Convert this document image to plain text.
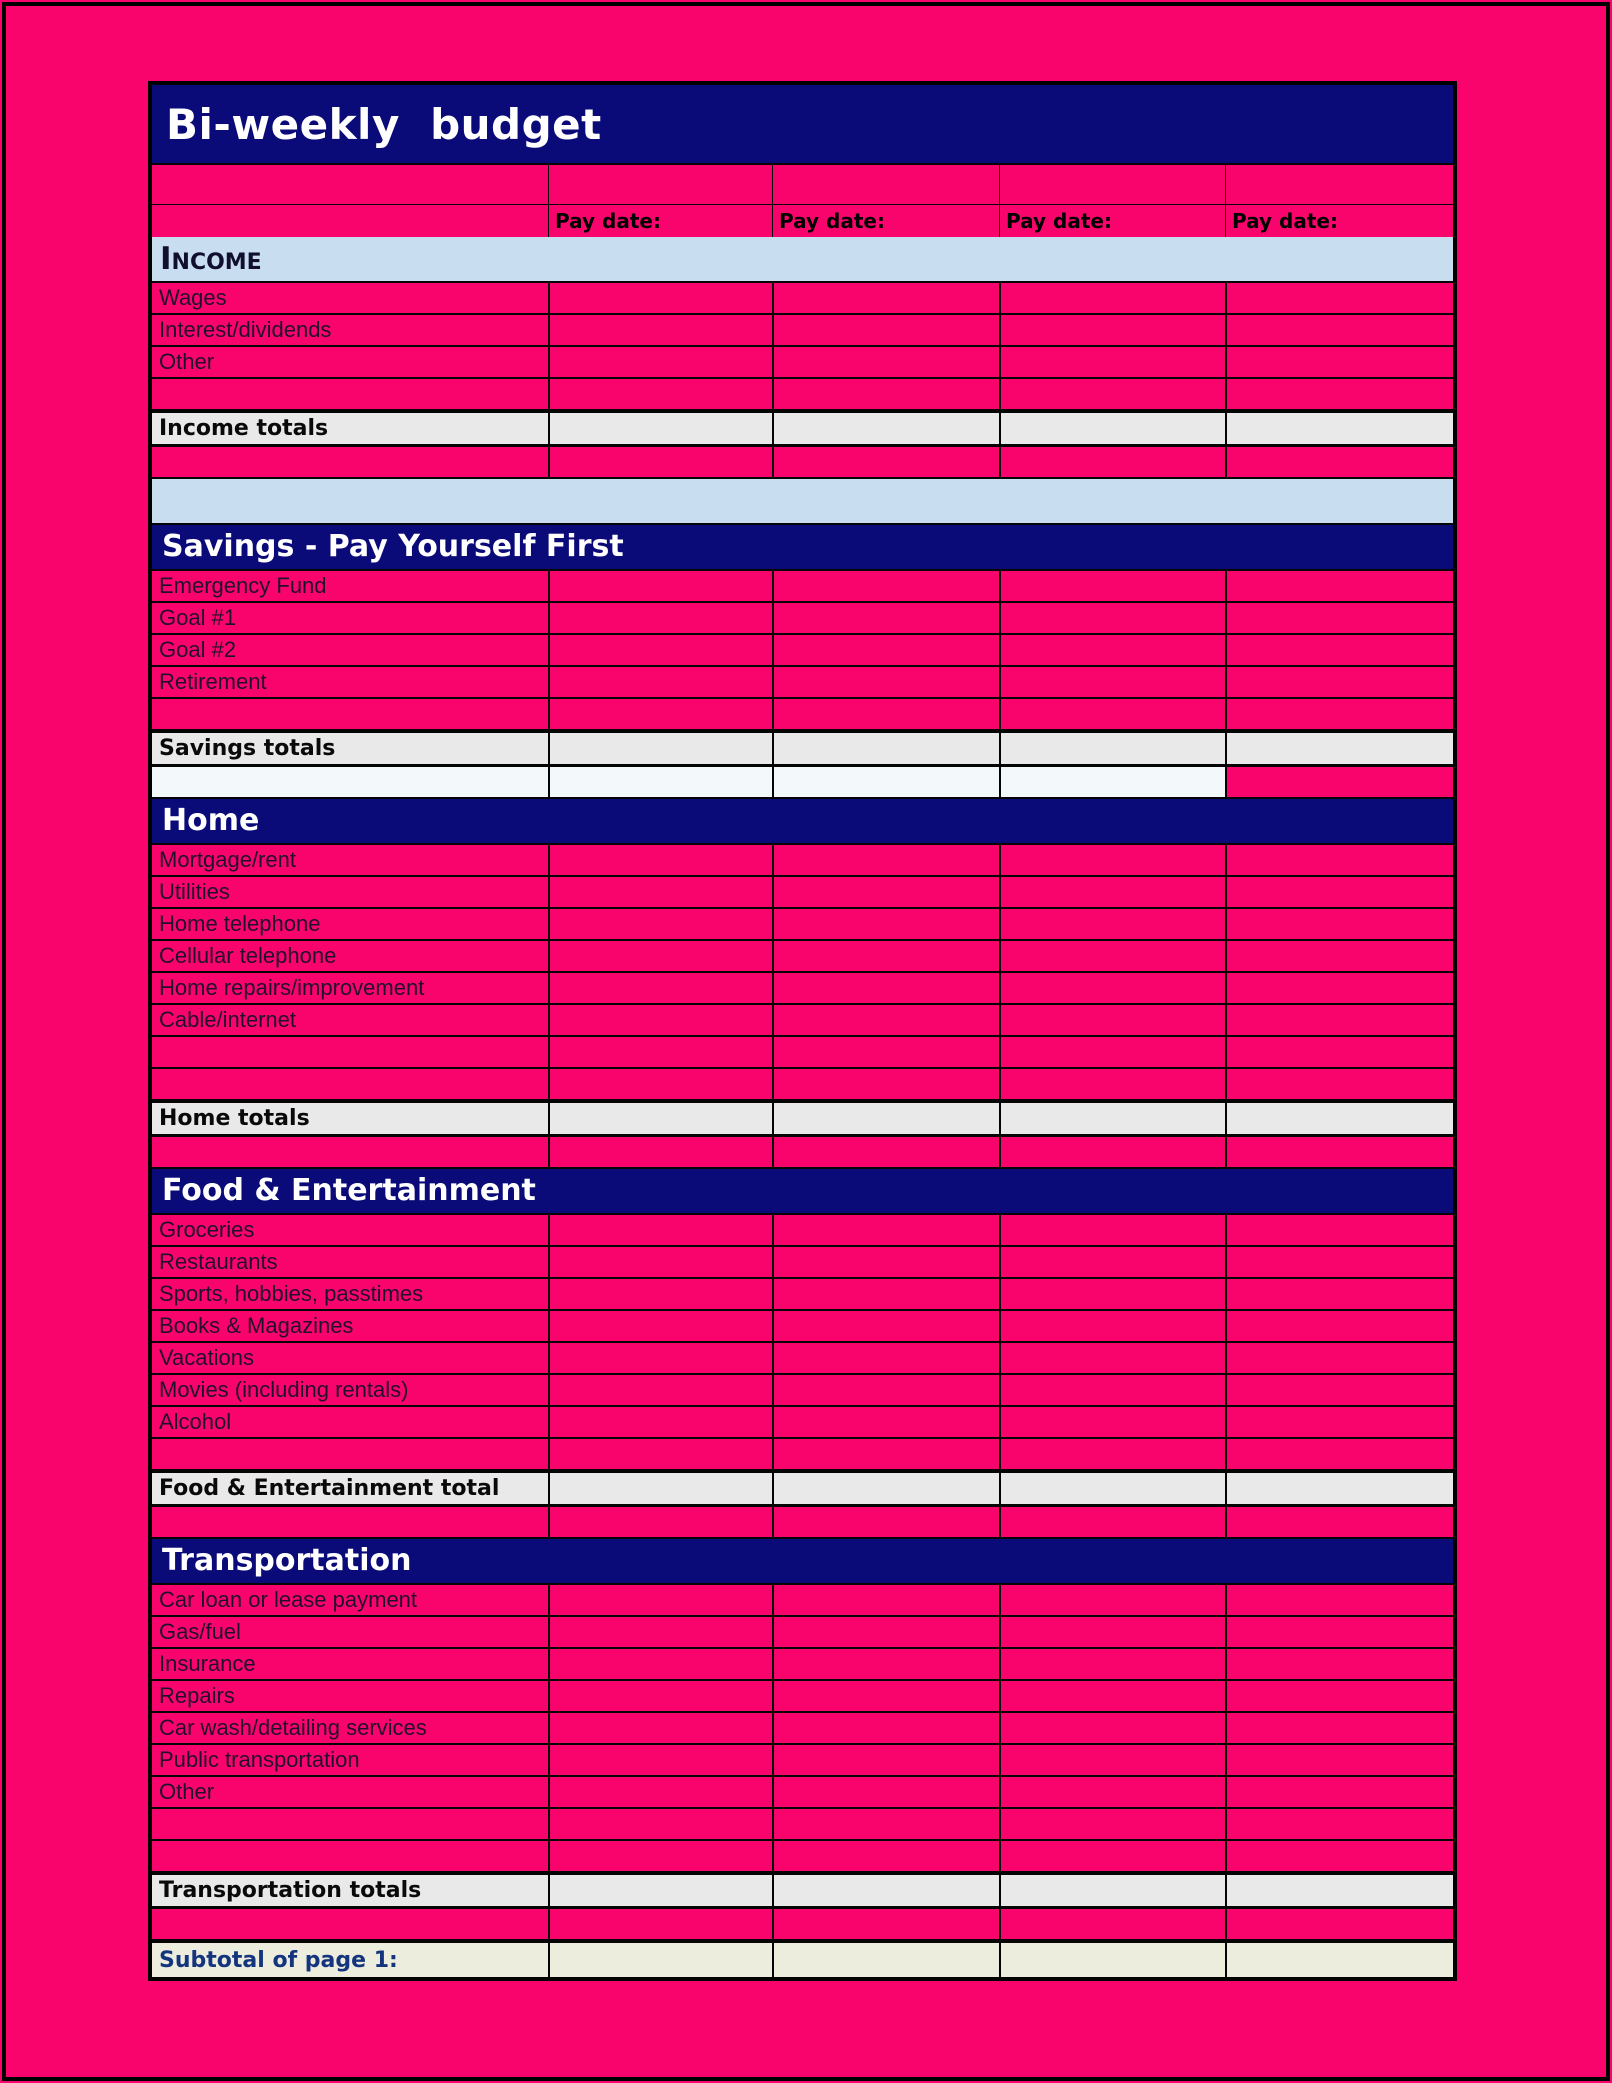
Bi-weekly  budget
Pay date:	Pay date:	Pay date:	Pay date:
Income
Wages
Interest/dividends
Other
Income totals
Savings - Pay Yourself First
Emergency Fund
Goal #1
Goal #2
Retirement
Savings totals
Home
Mortgage/rent
Utilities
Home telephone
Cellular telephone
Home repairs/improvement
Cable/internet
Home totals
Food & Entertainment
Groceries
Restaurants
Sports, hobbies, passtimes
Books & Magazines
Vacations
Movies (including rentals)
Alcohol
Food & Entertainment total
Transportation
Car loan or lease payment
Gas/fuel
Insurance
Repairs
Car wash/detailing services
Public transportation
Other
Transportation totals
Subtotal of page 1:
